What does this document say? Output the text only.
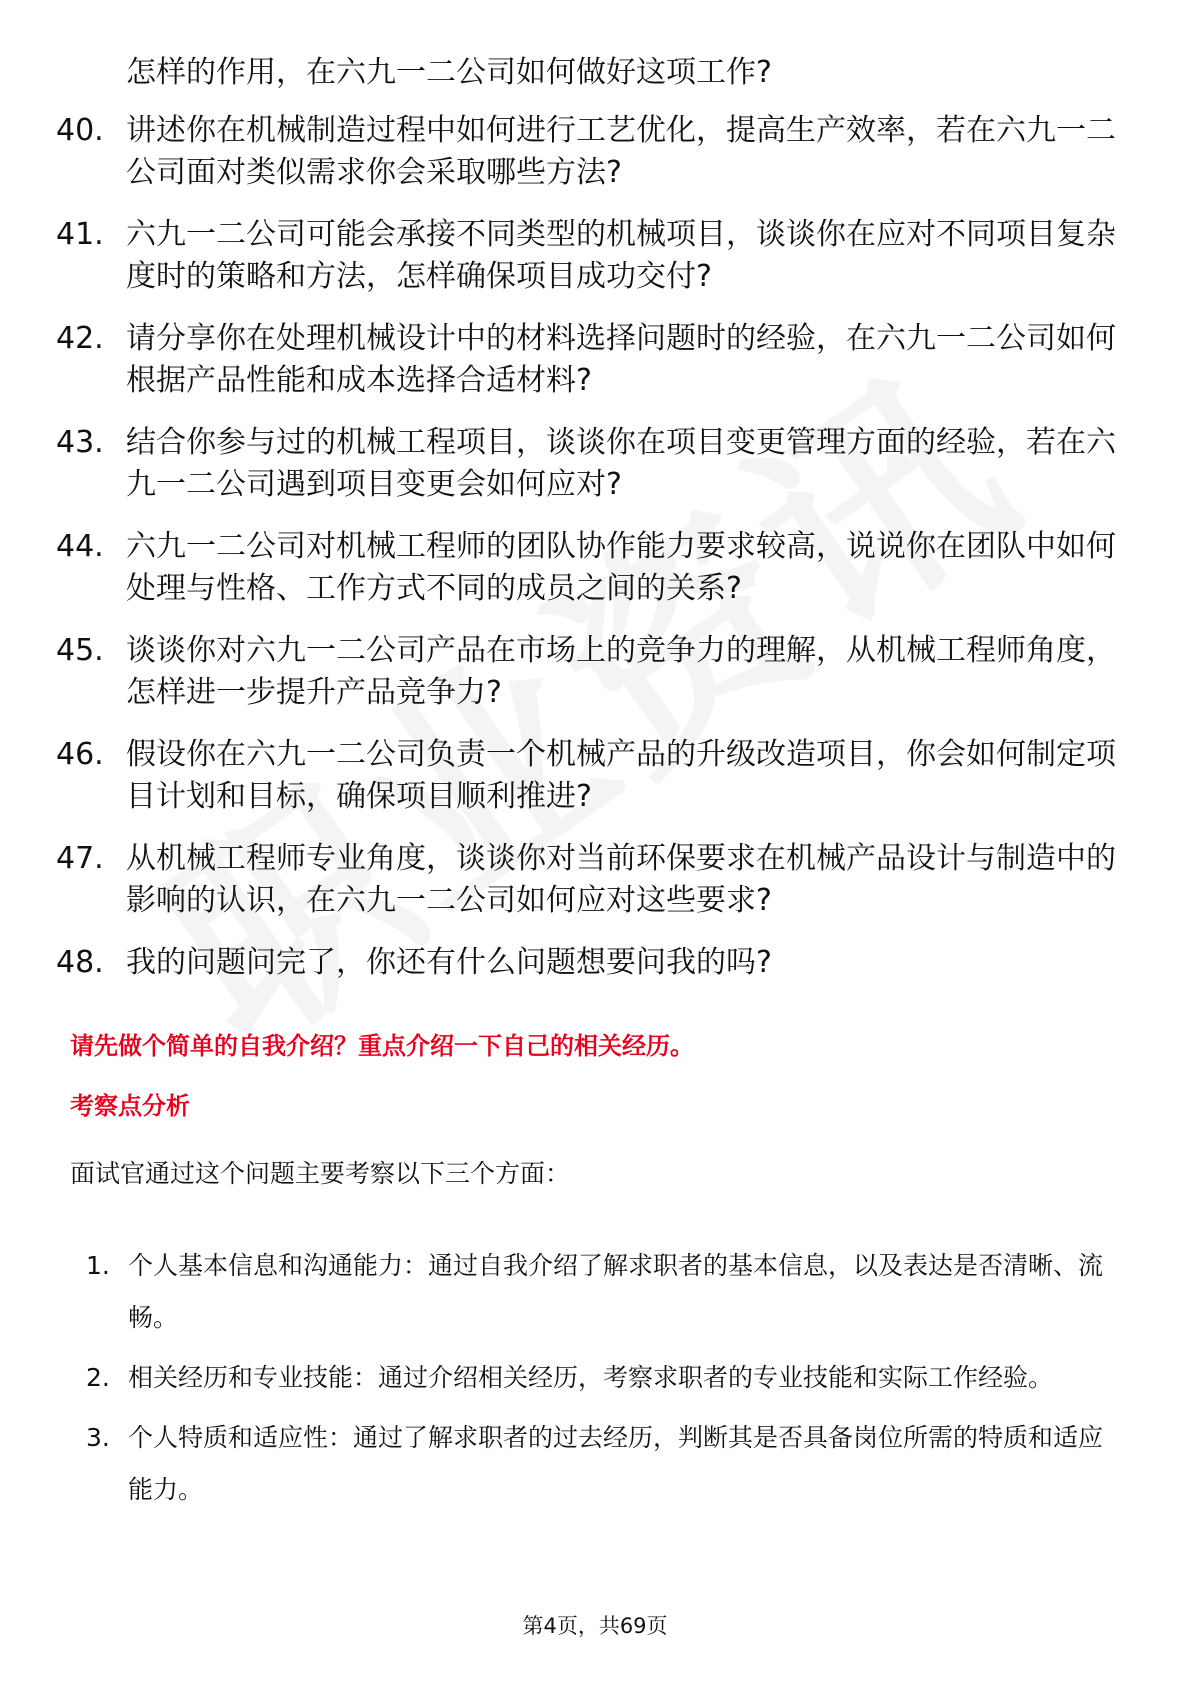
怎样的作用，在六九一二公司如何做好这项工作?
40. 讲述你在机械制造过程中如何进行工艺优化，提高生产效率，若在六九一二公司面对类似需求你会采取哪些方法?
41. 六九一二公司可能会承接不同类型的机械项目，谈谈你在应对不同项目复杂度时的策略和方法，怎样确保项目成功交付?
42. 请分享你在处理机械设计中的材料选择问题时的经验，在六九一二公司如何根据产品性能和成本选择合适材料?
43. 结合你参与过的机械工程项目，谈谈你在项目变更管理方面的经验，若在六九一二公司遇到项目变更会如何应对?
44. 六九一二公司对机械工程师的团队协作能力要求较高，说说你在团队中如何处理与性格、工作方式不同的成员之间的关系?
45. 谈谈你对六九一二公司产品在市场上的竞争力的理解，从机械工程师角度，怎样进一步提升产品竞争力?
46. 假设你在六九一二公司负责一个机械产品的升级改造项目，你会如何制定项目计划和目标，确保项目顺利推进?
47. 从机械工程师专业角度，谈谈你对当前环保要求在机械产品设计与制造中的影响的认识，在六九一二公司如何应对这些要求?
48. 我的问题问完了，你还有什么问题想要问我的吗?
请先做个简单的自我介绍？重点介绍一下自己的相关经历。
考察点分析
面试官通过这个问题主要考察以下三个方面：
1. 个人基本信息和沟通能力：通过自我介绍了解求职者的基本信息，以及表达是否清晰、流畅。
2. 相关经历和专业技能：通过介绍相关经历，考察求职者的专业技能和实际工作经验。
3. 个人特质和适应性：通过了解求职者的过去经历，判断其是否具备岗位所需的特质和适应能力。
第4页，共69页
